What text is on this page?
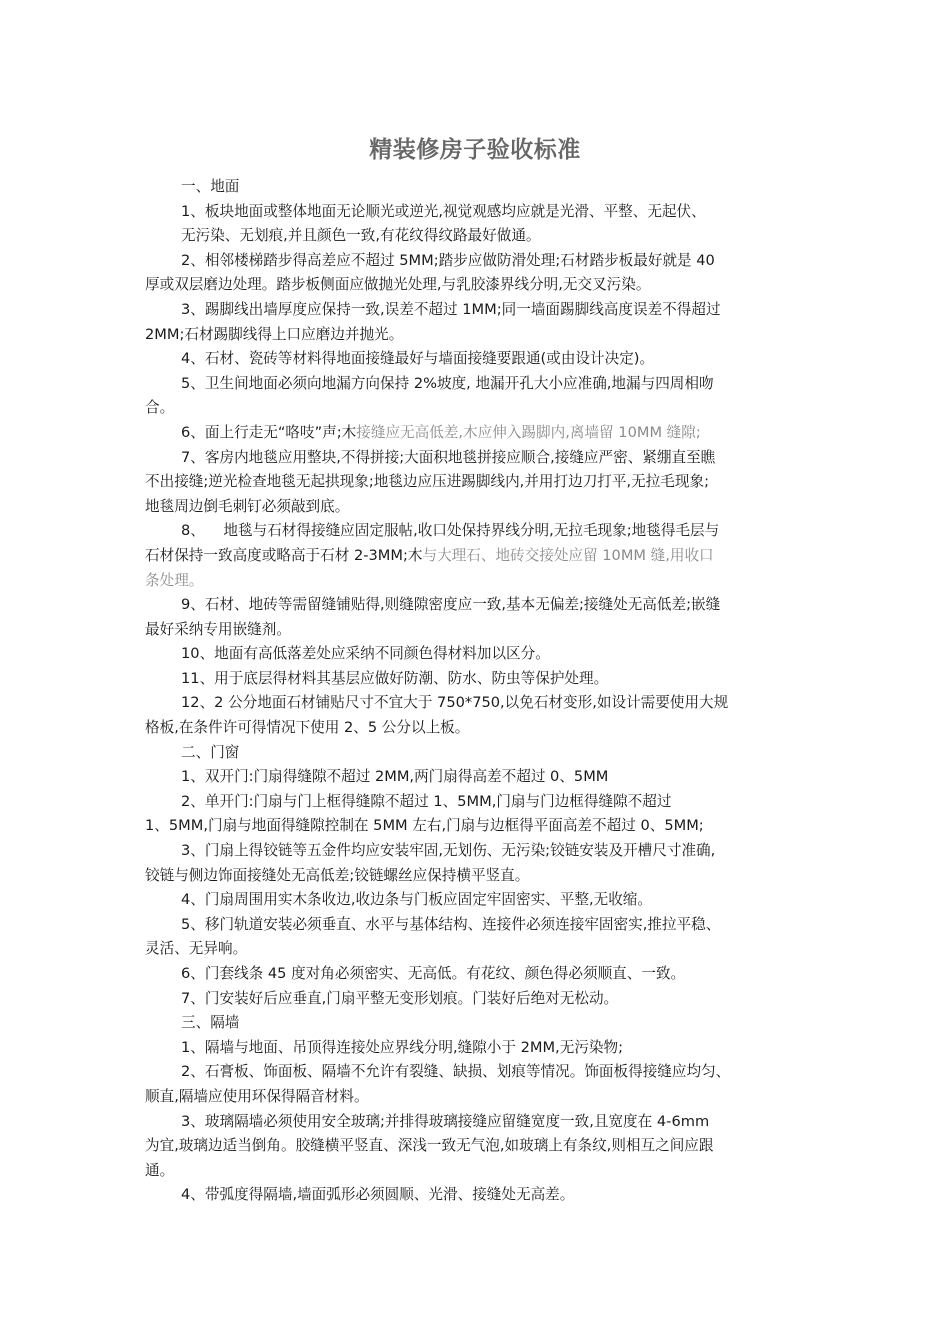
精装修房子验收标准

一、地面

1、板块地面或整体地面无论顺光或逆光,视觉观感均应就是光滑、平整、无起伏、

无污染、无划痕,并且颜色一致,有花纹得纹路最好做通。

2、相邻楼梯踏步得高差应不超过 5MM;踏步应做防滑处理;石材踏步板最好就是 40

厚或双层磨边处理。踏步板侧面应做抛光处理,与乳胶漆界线分明,无交叉污染。

3、踢脚线出墙厚度应保持一致,误差不超过 1MM;同一墙面踢脚线高度误差不得超过

2MM;石材踢脚线得上口应磨边并抛光。

4、石材、瓷砖等材料得地面接缝最好与墙面接缝要跟通(或由设计决定)。

5、卫生间地面必须向地漏方向保持 2%坡度, 地漏开孔大小应准确,地漏与四周相吻

合。

6、面上行走无“咯吱”声;木接缝应无高低差,木应伸入踢脚内,离墙留 10MM 缝隙;

7、客房内地毯应用整块,不得拼接;大面积地毯拼接应顺合,接缝应严密、紧绷直至瞧

不出接缝;逆光检查地毯无起拱现象;地毯边应压进踢脚线内,并用打边刀打平,无拉毛现象;

地毯周边倒毛刺钉必须敲到底。

8、    地毯与石材得接缝应固定服帖,收口处保持界线分明,无拉毛现象;地毯得毛层与

石材保持一致高度或略高于石材 2-3MM;木与大理石、地砖交接处应留 10MM 缝,用收口

条处理。

9、石材、地砖等需留缝铺贴得,则缝隙密度应一致,基本无偏差;接缝处无高低差;嵌缝

最好采纳专用嵌缝剂。

10、地面有高低落差处应采纳不同颜色得材料加以区分。

11、用于底层得材料其基层应做好防潮、防水、防虫等保护处理。

12、2 公分地面石材铺贴尺寸不宜大于 750*750,以免石材变形,如设计需要使用大规

格板,在条件许可得情况下使用 2、5 公分以上板。

二、门窗

1、双开门:门扇得缝隙不超过 2MM,两门扇得高差不超过 0、5MM

2、单开门:门扇与门上框得缝隙不超过 1、5MM,门扇与门边框得缝隙不超过

1、5MM,门扇与地面得缝隙控制在 5MM 左右,门扇与边框得平面高差不超过 0、5MM;

3、门扇上得铰链等五金件均应安装牢固,无划伤、无污染;铰链安装及开槽尺寸准确,

铰链与侧边饰面接缝处无高低差;铰链螺丝应保持横平竖直。

4、门扇周围用实木条收边,收边条与门板应固定牢固密实、平整,无收缩。

5、移门轨道安装必须垂直、水平与基体结构、连接件必须连接牢固密实,推拉平稳、

灵活、无异响。

6、门套线条 45 度对角必须密实、无高低。有花纹、颜色得必须顺直、一致。

7、门安装好后应垂直,门扇平整无变形划痕。门装好后绝对无松动。

三、隔墙

1、隔墙与地面、吊顶得连接处应界线分明,缝隙小于 2MM,无污染物;

2、石膏板、饰面板、隔墙不允许有裂缝、缺损、划痕等情况。饰面板得接缝应均匀、

顺直,隔墙应使用环保得隔音材料。

3、玻璃隔墙必须使用安全玻璃;并排得玻璃接缝应留缝宽度一致,且宽度在 4-6mm

为宜,玻璃边适当倒角。胶缝横平竖直、深浅一致无气泡,如玻璃上有条纹,则相互之间应跟

通。

4、带弧度得隔墙,墙面弧形必须圆顺、光滑、接缝处无高差。
